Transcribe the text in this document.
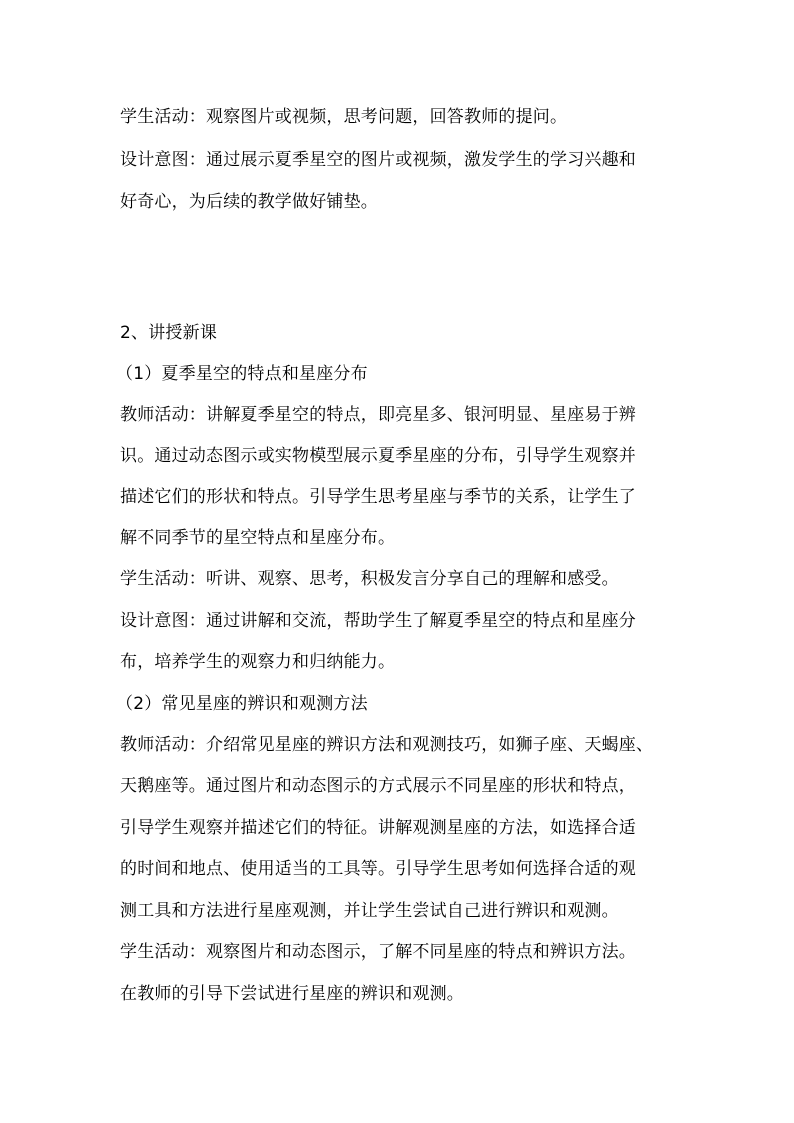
学生活动：观察图片或视频，思考问题，回答教师的提问。
设计意图：通过展示夏季星空的图片或视频，激发学生的学习兴趣和
好奇心，为后续的教学做好铺垫。
2、讲授新课
（1）夏季星空的特点和星座分布
教师活动：讲解夏季星空的特点，即亮星多、银河明显、星座易于辨
识。通过动态图示或实物模型展示夏季星座的分布，引导学生观察并
描述它们的形状和特点。引导学生思考星座与季节的关系，让学生了
解不同季节的星空特点和星座分布。
学生活动：听讲、观察、思考，积极发言分享自己的理解和感受。
设计意图：通过讲解和交流，帮助学生了解夏季星空的特点和星座分
布，培养学生的观察力和归纳能力。
（2）常见星座的辨识和观测方法
教师活动：介绍常见星座的辨识方法和观测技巧，如狮子座、天蝎座、
天鹅座等。通过图片和动态图示的方式展示不同星座的形状和特点，
引导学生观察并描述它们的特征。讲解观测星座的方法，如选择合适
的时间和地点、使用适当的工具等。引导学生思考如何选择合适的观
测工具和方法进行星座观测，并让学生尝试自己进行辨识和观测。
学生活动：观察图片和动态图示，了解不同星座的特点和辨识方法。
在教师的引导下尝试进行星座的辨识和观测。
